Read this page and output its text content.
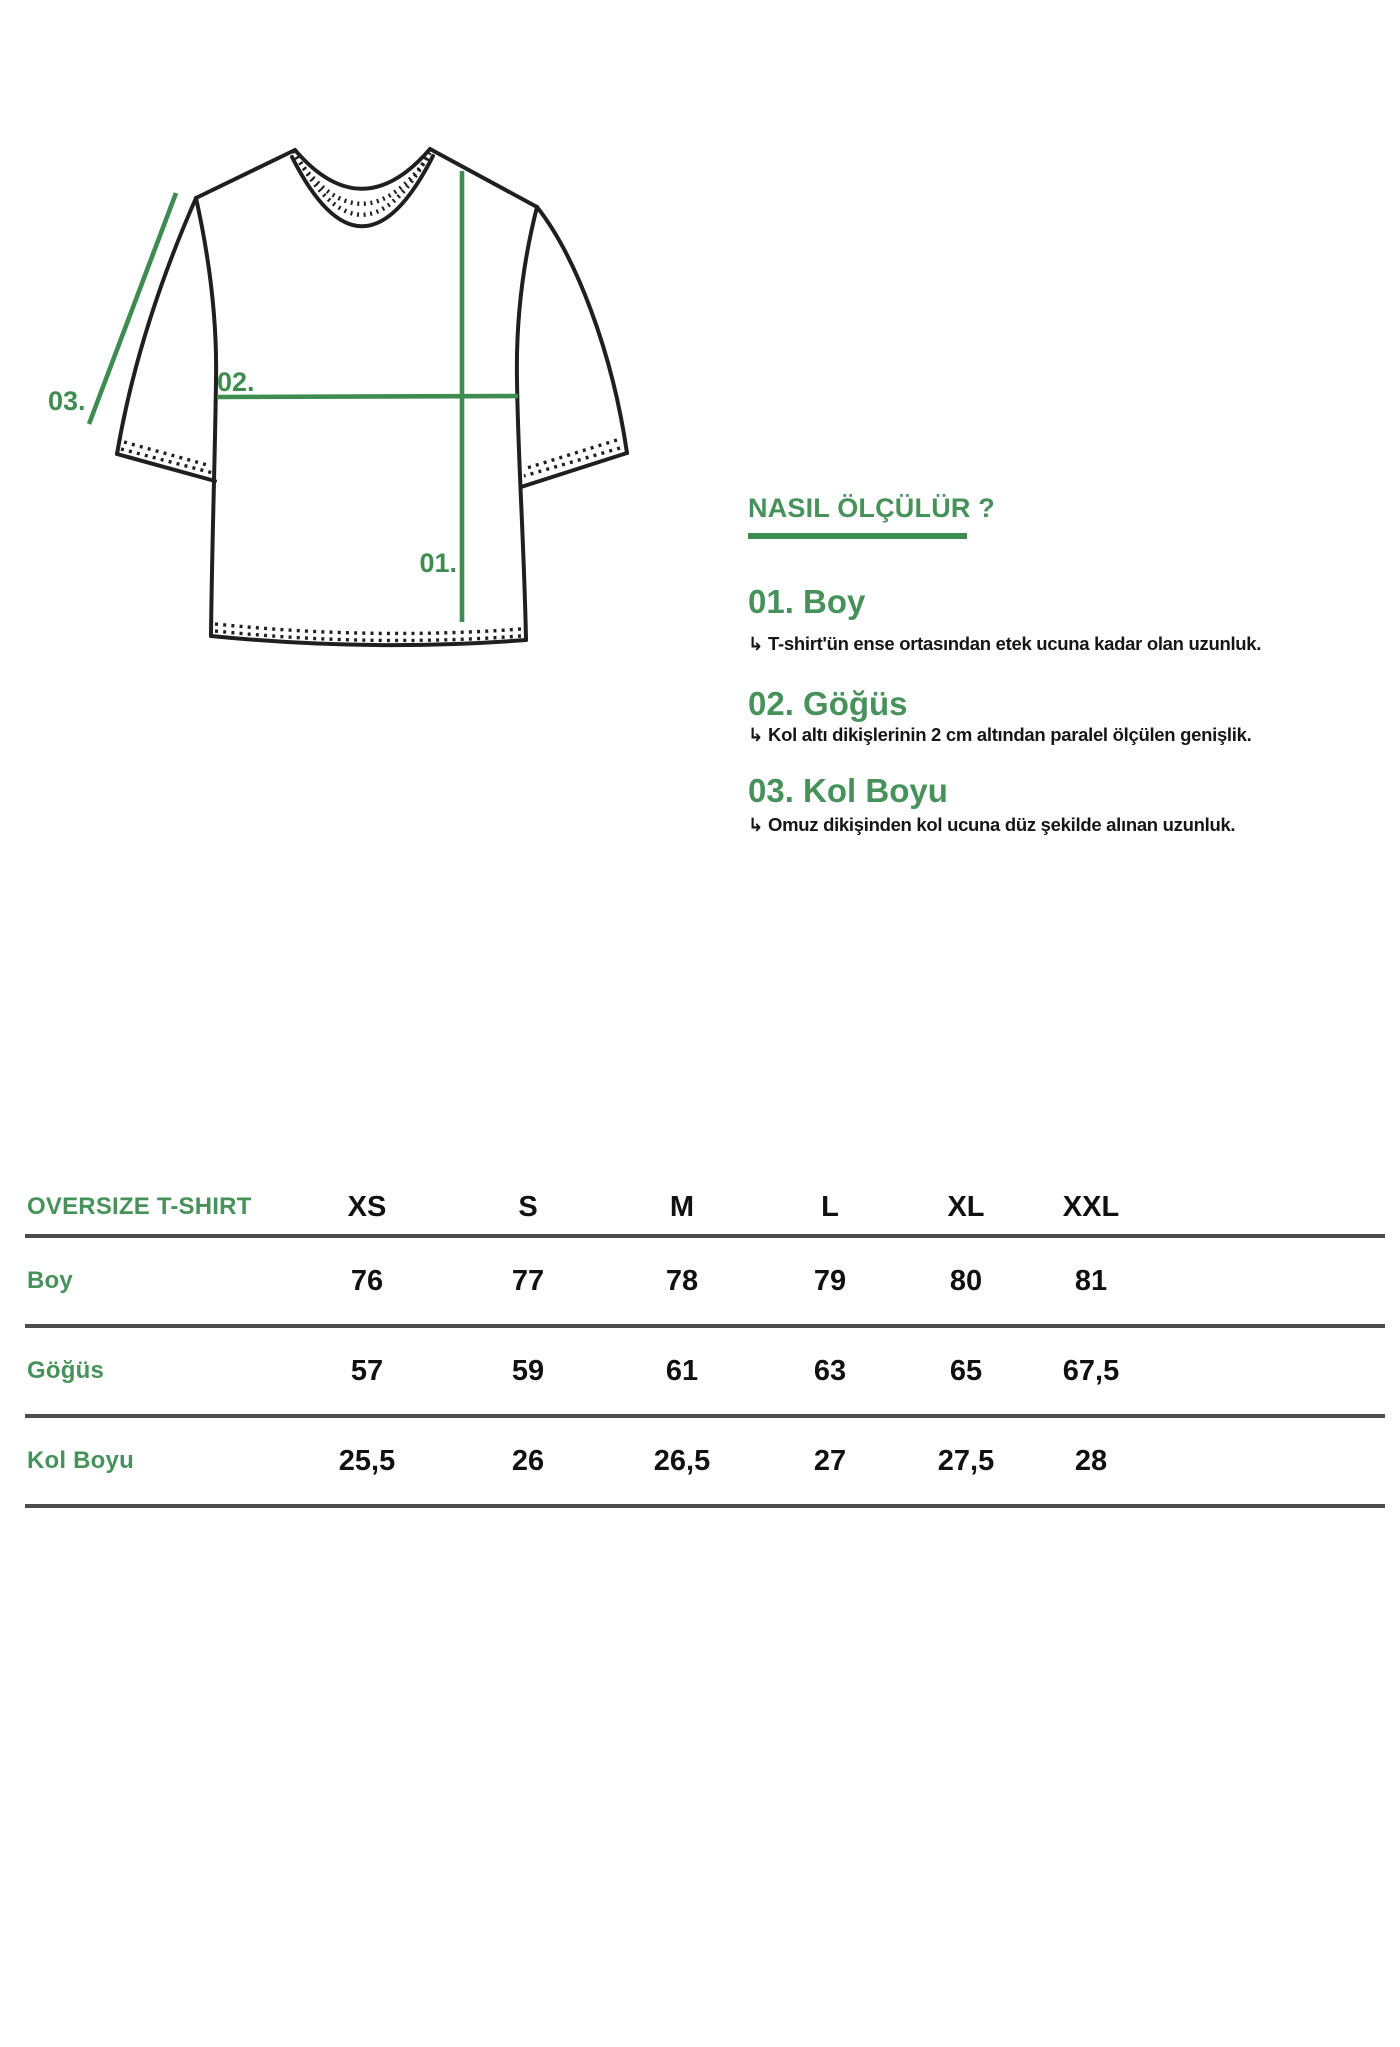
02.
01.
03.
NASIL ÖLÇÜLÜR ?
01. Boy
↳ T-shirt'ün ense ortasından etek ucuna kadar olan uzunluk.
02. Göğüs
↳ Kol altı dikişlerinin 2 cm altından paralel ölçülen genişlik.
03. Kol Boyu
↳ Omuz dikişinden kol ucuna düz şekilde alınan uzunluk.
OVERSIZE T-SHIRT	XS	S	M	L	XL	XXL
Boy	76	77	78	79	80	81
Göğüs	57	59	61	63	65	67,5
Kol Boyu	25,5	26	26,5	27	27,5	28
